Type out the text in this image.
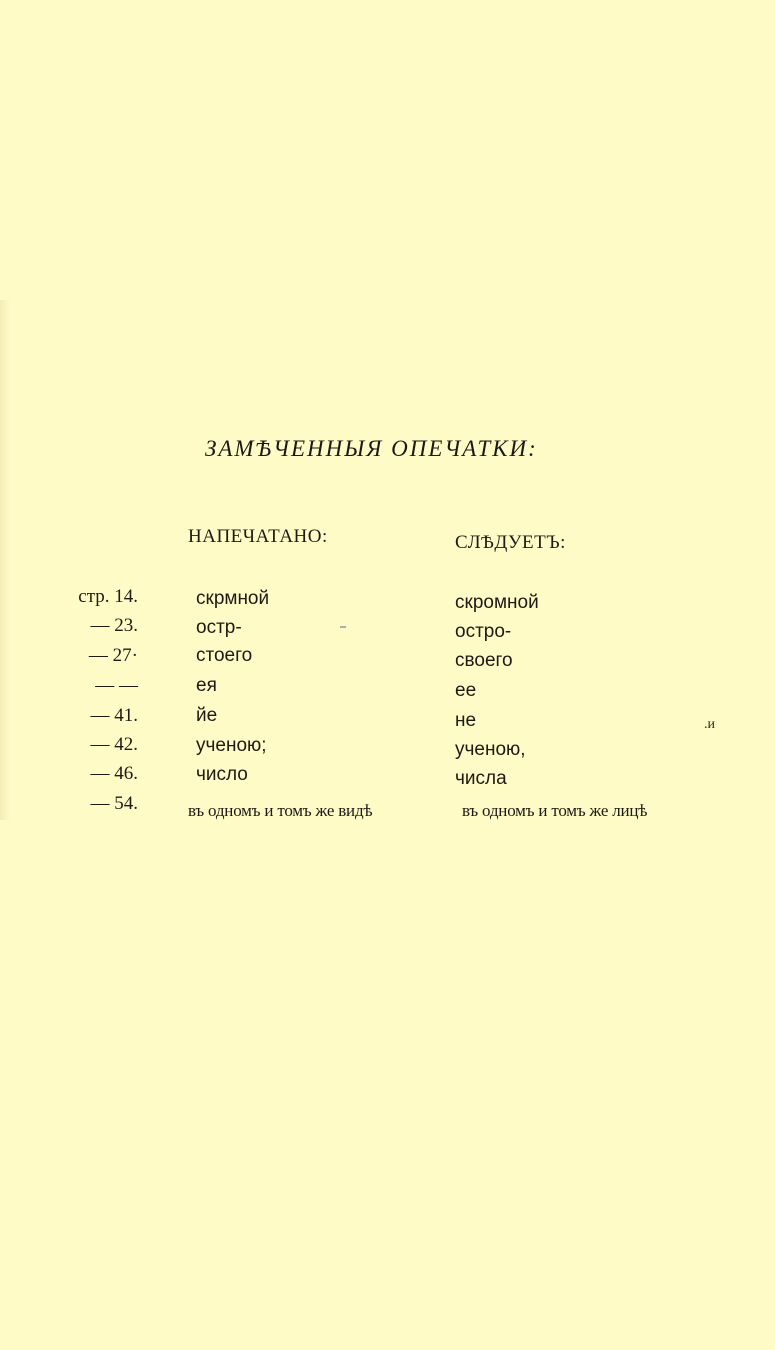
ЗАМѢЧЕННЫЯ ОПЕЧАТКИ:
НАПЕЧАТАНО:	СЛѢДУЕТЪ:
стр. 14.	скрмной	скромной
— 23.	остр-	остро-
— 27·	стоего	своего
— —	ея	ее
— 41.	йе	не
— 42.	ученою;	ученою,
— 46.	число	числа
— 54.	въ одномъ и томъ же видѣ	въ одномъ и томъ же лицѣ
.и
